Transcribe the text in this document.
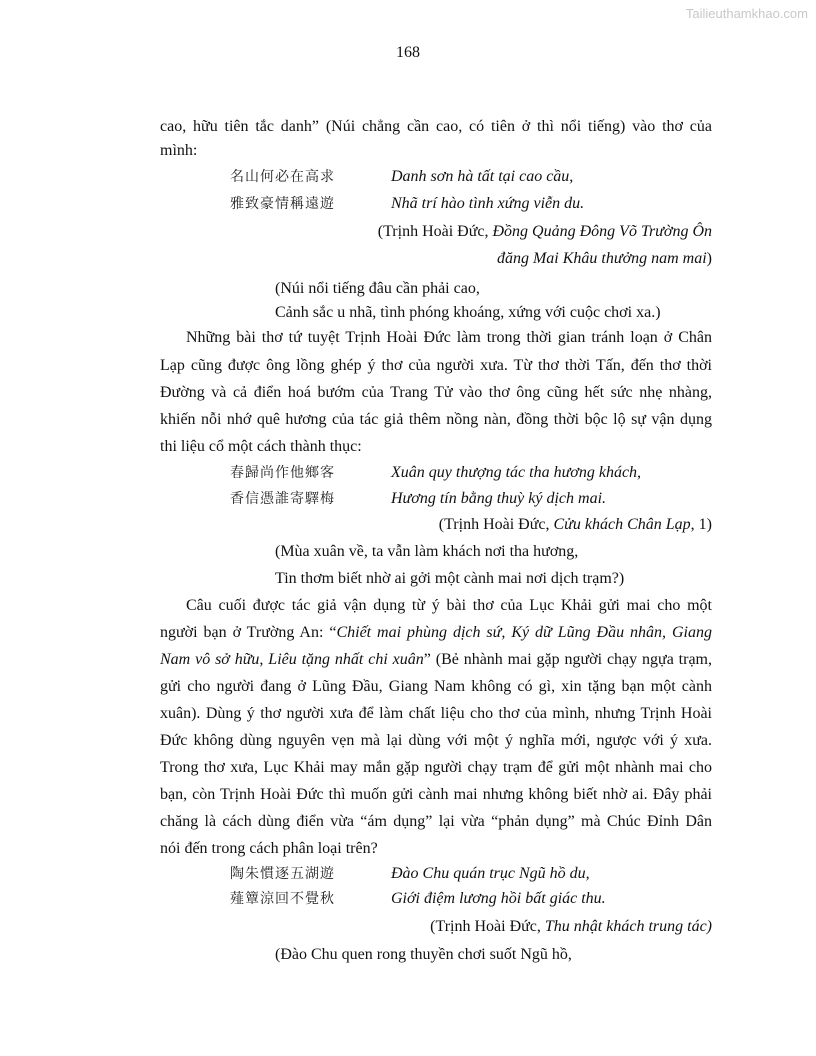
Tailieuthamkhao.com
168
cao, hữu tiên tắc danh” (Núi chẳng cần cao, có tiên ở thì nổi tiếng) vào thơ của
mình:
名山何必在高求	Danh sơn hà tất tại cao cầu,
雅致豪情稱遠遊	Nhã trí hào tình xứng viễn du.
(Trịnh Hoài Đức, Đồng Quảng Đông Võ Trường Ôn
đăng Mai Khâu thưởng nam mai)
(Núi nổi tiếng đâu cần phải cao,
Cảnh sắc u nhã, tình phóng khoáng, xứng với cuộc chơi xa.)
Những bài thơ tứ tuyệt Trịnh Hoài Đức làm trong thời gian tránh loạn ở Chân
Lạp cũng được ông lồng ghép ý thơ của người xưa. Từ thơ thời Tấn, đến thơ thời
Đường và cả điển hoá bướm của Trang Tử vào thơ ông cũng hết sức nhẹ nhàng,
khiến nỗi nhớ quê hương của tác giả thêm nồng nàn, đồng thời bộc lộ sự vận dụng
thi liệu cổ một cách thành thục:
春歸尚作他鄉客	Xuân quy thượng tác tha hương khách,
香信憑誰寄驛梅	Hương tín bằng thuỳ ký dịch mai.
(Trịnh Hoài Đức, Cửu khách Chân Lạp, 1)
(Mùa xuân về, ta vẫn làm khách nơi tha hương,
Tin thơm biết nhờ ai gởi một cành mai nơi dịch trạm?)
Câu cuối được tác giả vận dụng từ ý bài thơ của Lục Khải gửi mai cho một
người bạn ở Trường An: “Chiết mai phùng dịch sứ, Ký dữ Lũng Đầu nhân, Giang
Nam vô sở hữu, Liêu tặng nhất chi xuân” (Bẻ nhành mai gặp người chạy ngựa trạm,
gửi cho người đang ở Lũng Đầu, Giang Nam không có gì, xin tặng bạn một cành
xuân). Dùng ý thơ người xưa để làm chất liệu cho thơ của mình, nhưng Trịnh Hoài
Đức không dùng nguyên vẹn mà lại dùng với một ý nghĩa mới, ngược với ý xưa.
Trong thơ xưa, Lục Khải may mắn gặp người chạy trạm để gửi một nhành mai cho
bạn, còn Trịnh Hoài Đức thì muốn gửi cành mai nhưng không biết nhờ ai. Đây phải
chăng là cách dùng điển vừa “ám dụng” lại vừa “phản dụng” mà Chúc Đỉnh Dân
nói đến trong cách phân loại trên?
陶朱慣逐五湖遊	Đào Chu quán trục Ngũ hồ du,
薤簟涼回不覺秋	Giới điệm lương hồi bất giác thu.
(Trịnh Hoài Đức, Thu nhật khách trung tác)
(Đào Chu quen rong thuyền chơi suốt Ngũ hồ,
